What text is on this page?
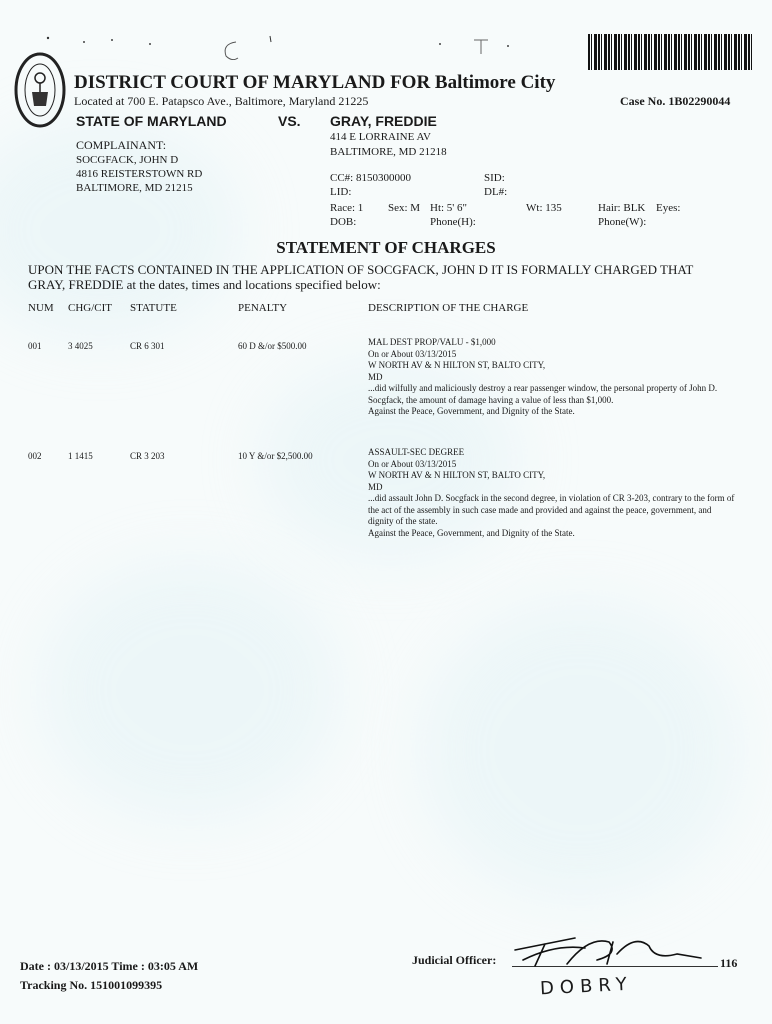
DISTRICT COURT OF MARYLAND FOR Baltimore City
Located at 700 E. Patapsco Ave., Baltimore, Maryland 21225	Case No. 1B02290044
STATE OF MARYLAND	VS. GRAY, FREDDIE
COMPLAINANT:
SOCGFACK, JOHN D
4816 REISTERSTOWN RD
BALTIMORE, MD 21215
414 E LORRAINE AV
BALTIMORE, MD 21218
CC#: 8150300000	SID:
LID:	DL#:
Race: 1 Sex: M Ht: 5' 6"	Wt: 135	Hair: BLK Eyes:
DOB:	Phone(H):	Phone(W):
STATEMENT OF CHARGES
UPON THE FACTS CONTAINED IN THE APPLICATION OF SOCGFACK, JOHN D IT IS FORMALLY CHARGED THAT GRAY, FREDDIE at the dates, times and locations specified below:
NUM CHG/CIT STATUTE	PENALTY	DESCRIPTION OF THE CHARGE
001	3 4025	CR 6 301	60 D &/or $500.00	MAL DEST PROP/VALU - $1,000
On or About 03/13/2015
W NORTH AV & N HILTON ST, BALTO CITY,
MD
...did wilfully and maliciously destroy a rear passenger window, the personal property of John D. Socgfack, the amount of damage having a value of less than $1,000.
Against the Peace, Government, and Dignity of the State.
002	1 1415	CR 3 203	10 Y &/or $2,500.00	ASSAULT-SEC DEGREE
On or About 03/13/2015
W NORTH AV & N HILTON ST, BALTO CITY,
MD
...did assault John D. Socgfack in the second degree, in violation of CR 3-203, contrary to the form of the act of the assembly in such case made and provided and against the peace, government, and dignity of the state.
Against the Peace, Government, and Dignity of the State.
Date : 03/13/2015 Time : 03:05 AM
Tracking No. 151001099395
Judicial Officer:	116
DOBRY
